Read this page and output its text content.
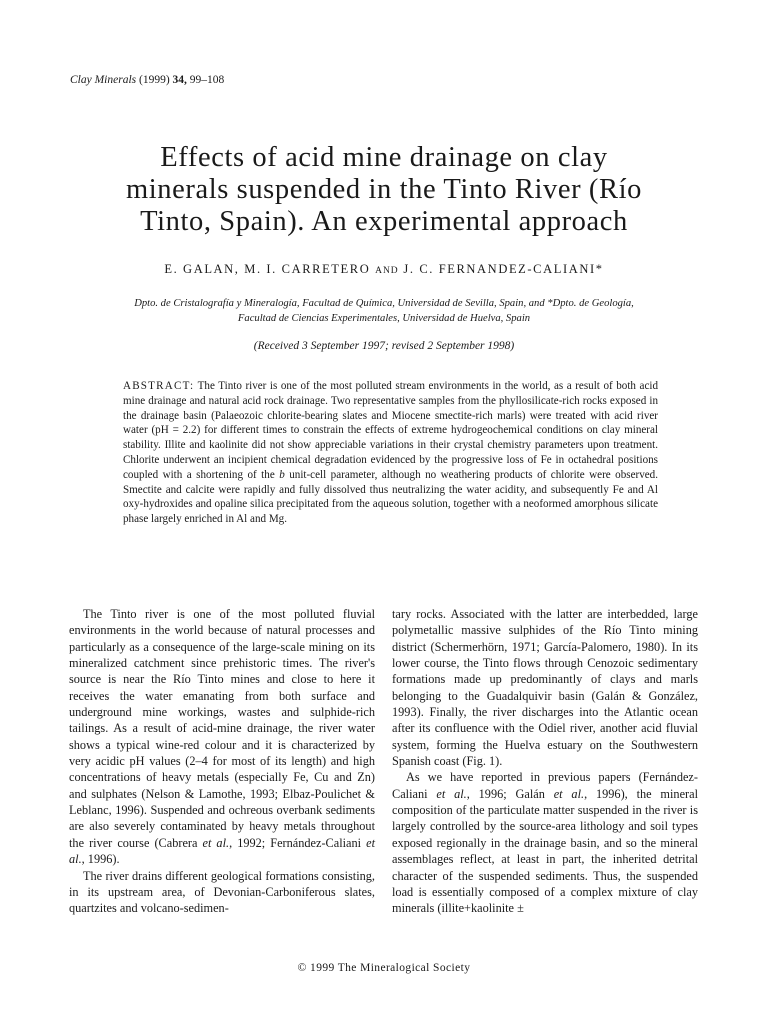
Clay Minerals (1999) 34, 99–108
Effects of acid mine drainage on clay
minerals suspended in the Tinto River (Río
Tinto, Spain). An experimental approach
E. GALAN, M. I. CARRETERO AND J. C. FERNANDEZ-CALIANI*
Dpto. de Cristalografía y Mineralogía, Facultad de Química, Universidad de Sevilla, Spain, and *Dpto. de Geología,
Facultad de Ciencias Experimentales, Universidad de Huelva, Spain
(Received 3 September 1997; revised 2 September 1998)
ABSTRACT: The Tinto river is one of the most polluted stream environments in the world, as a result of both acid mine drainage and natural acid rock drainage. Two representative samples from the phyllosilicate-rich rocks exposed in the drainage basin (Palaeozoic chlorite-bearing slates and Miocene smectite-rich marls) were treated with acid river water (pH = 2.2) for different times to constrain the effects of extreme hydrogeochemical conditions on clay mineral stability. Illite and kaolinite did not show appreciable variations in their crystal chemistry parameters upon treatment. Chlorite underwent an incipient chemical degradation evidenced by the progressive loss of Fe in octahedral positions coupled with a shortening of the b unit-cell parameter, although no weathering products of chlorite were observed. Smectite and calcite were rapidly and fully dissolved thus neutralizing the water acidity, and subsequently Fe and Al oxy-hydroxides and opaline silica precipitated from the aqueous solution, together with a neoformed amorphous silicate phase largely enriched in Al and Mg.

The Tinto river is one of the most polluted fluvial environments in the world because of natural processes and particularly as a consequence of the large-scale mining on its mineralized catchment since prehistoric times. The river's source is near the Río Tinto mines and close to here it receives the water emanating from both surface and underground mine workings, wastes and sulphide-rich tailings. As a result of acid-mine drainage, the river water shows a typical wine-red colour and it is characterized by very acidic pH values (2–4 for most of its length) and high concentrations of heavy metals (especially Fe, Cu and Zn) and sulphates (Nelson & Lamothe, 1993; Elbaz-Poulichet & Leblanc, 1996). Suspended and ochreous overbank sediments are also severely contaminated by heavy metals throughout the river course (Cabrera et al., 1992; Fernández-Caliani et al., 1996).

The river drains different geological formations consisting, in its upstream area, of Devonian-Carboniferous slates, quartzites and volcano-sedimen-

tary rocks. Associated with the latter are interbedded, large polymetallic massive sulphides of the Río Tinto mining district (Schermerhörn, 1971; García-Palomero, 1980). In its lower course, the Tinto flows through Cenozoic sedimentary formations made up predominantly of clays and marls belonging to the Guadalquivir basin (Galán & González, 1993). Finally, the river discharges into the Atlantic ocean after its confluence with the Odiel river, another acid fluvial system, forming the Huelva estuary on the Southwestern Spanish coast (Fig. 1).

As we have reported in previous papers (Fernández-Caliani et al., 1996; Galán et al., 1996), the mineral composition of the particulate matter suspended in the river is largely controlled by the source-area lithology and soil types exposed regionally in the drainage basin, and so the mineral assemblages reflect, at least in part, the inherited detrital character of the suspended sediments. Thus, the suspended load is essentially composed of a complex mixture of clay minerals (illite+kaolinite ±

© 1999 The Mineralogical Society
